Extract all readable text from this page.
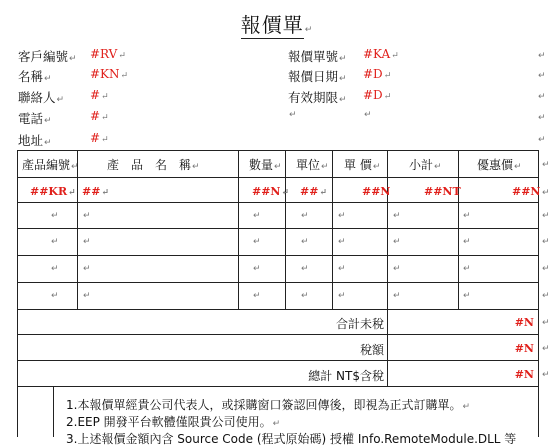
報價單↵
客戶編號↵ #RV↵
名稱↵	#KN↵
聯絡人↵ #↵
電話↵	#↵
地址↵	#↵
報價單號↵ #KA↵
報價日期↵ #D↵
有效期限↵ #D↵
↵	↵
↵
↵
↵
↵
↵
產品編號↵ 產　品　名　稱↵	數量↵ 單位↵ 單 價↵ 小計↵	優惠價↵
##KR↵ ##↵	##N↵ ##↵	##N	##NT	##N
↵	↵	↵	↵	↵	↵	↵	↵
↵	↵	↵	↵	↵	↵	↵	↵
↵	↵	↵	↵	↵	↵	↵	↵
↵	↵	↵	↵	↵	↵	↵	↵
合計未稅	#N
稅額	#N
總計 NT$含稅	#N
↵
↵
↵
↵
↵
1.本報價單經貴公司代表人，或採購窗口簽認回傳後，即視為正式訂購單。↵
2.EEP 開發平台軟體僅限貴公司使用。↵
3.上述報價金額內含 Source Code (程式原始碼) 授權 Info.RemoteModule.DLL 等
